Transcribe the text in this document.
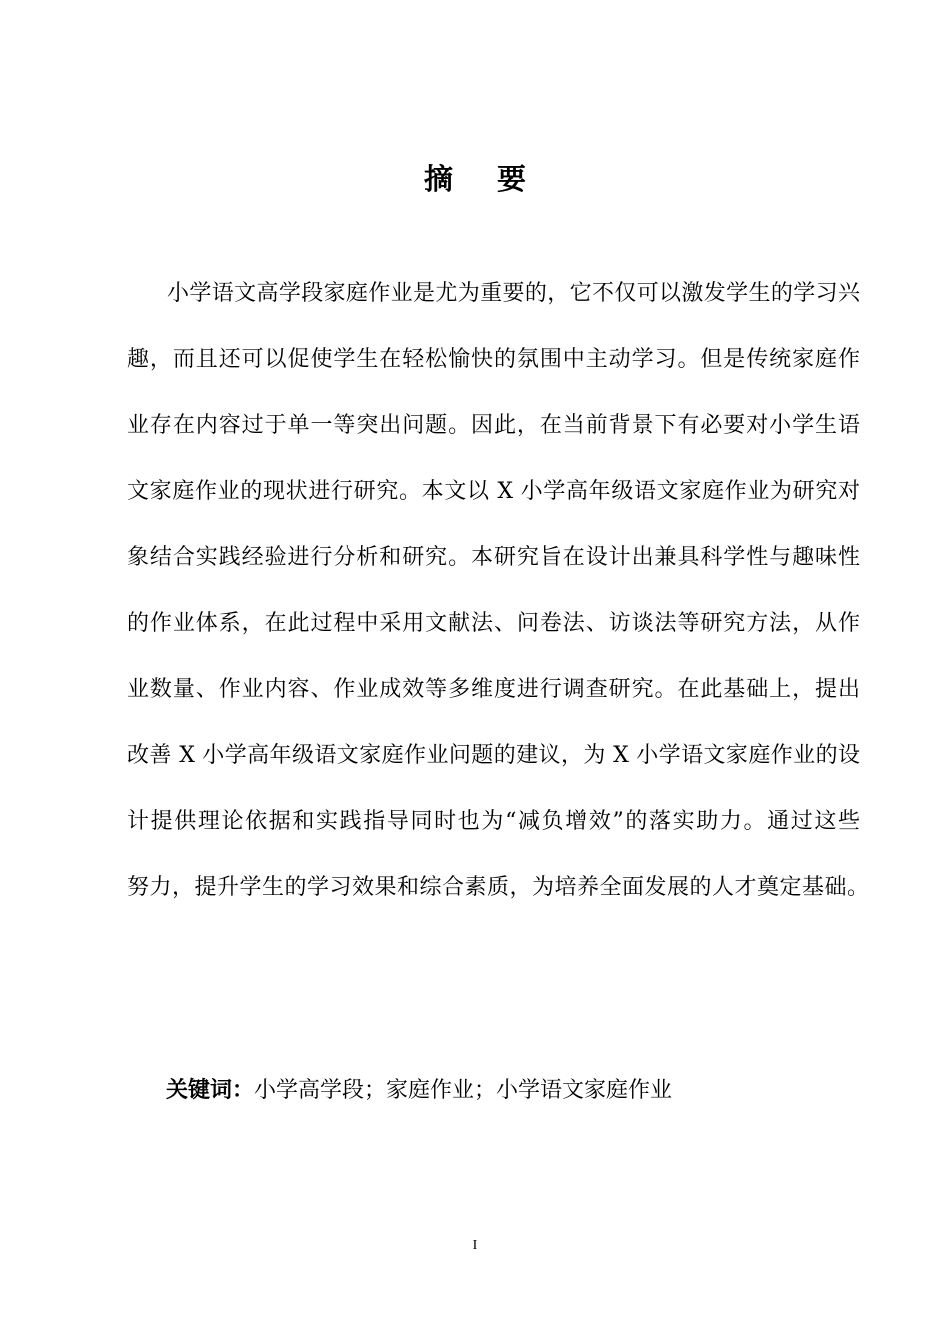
摘要
小学语文高学段家庭作业是尤为重要的，它不仅可以激发学生的学习兴
趣，而且还可以促使学生在轻松愉快的氛围中主动学习。但是传统家庭作
业存在内容过于单一等突出问题。因此，在当前背景下有必要对小学生语
文家庭作业的现状进行研究。本文以 X 小学高年级语文家庭作业为研究对
象结合实践经验进行分析和研究。本研究旨在设计出兼具科学性与趣味性
的作业体系，在此过程中采用文献法、问卷法、访谈法等研究方法，从作
业数量、作业内容、作业成效等多维度进行调查研究。在此基础上，提出
改善 X 小学高年级语文家庭作业问题的建议，为 X 小学语文家庭作业的设
计提供理论依据和实践指导同时也为“减负增效”的落实助力。通过这些
努力，提升学生的学习效果和综合素质，为培养全面发展的人才奠定基础。

关键词：小学高学段；家庭作业；小学语文家庭作业

I
